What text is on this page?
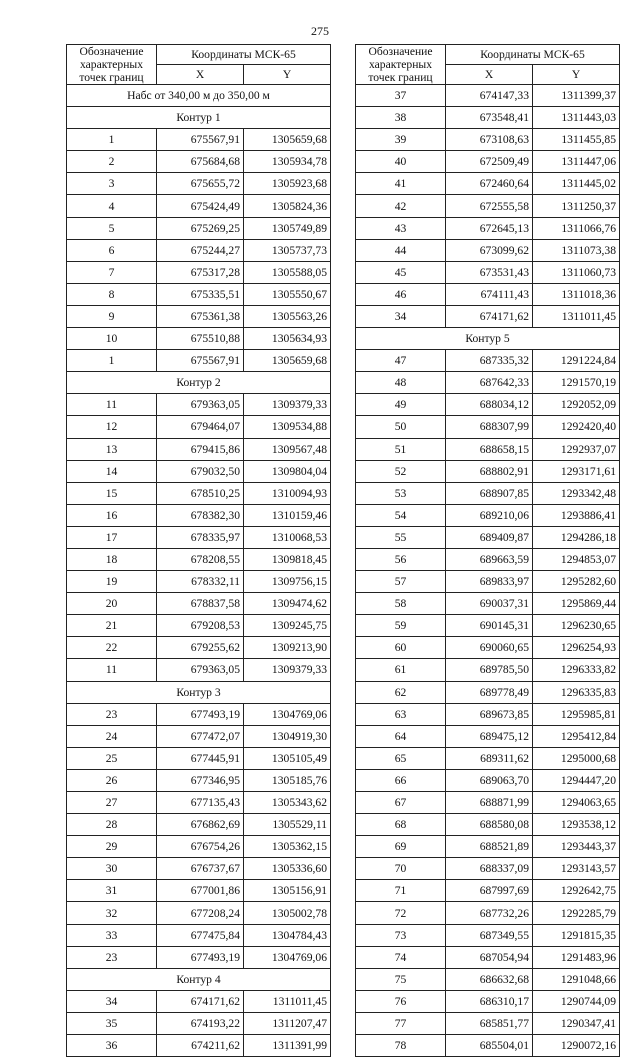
275
Обозначение характерных точек границ	Координаты МСК-65	
	X	Y
Нaбс от 340,00 м до 350,00 м		
Контур 1		
1	675567,91	1305659,68
2	675684,68	1305934,78
3	675655,72	1305923,68
4	675424,49	1305824,36
5	675269,25	1305749,89
6	675244,27	1305737,73
7	675317,28	1305588,05
8	675335,51	1305550,67
9	675361,38	1305563,26
10	675510,88	1305634,93
1	675567,91	1305659,68
Контур 2		
11	679363,05	1309379,33
12	679464,07	1309534,88
13	679415,86	1309567,48
14	679032,50	1309804,04
15	678510,25	1310094,93
16	678382,30	1310159,46
17	678335,97	1310068,53
18	678208,55	1309818,45
19	678332,11	1309756,15
20	678837,58	1309474,62
21	679208,53	1309245,75
22	679255,62	1309213,90
11	679363,05	1309379,33
Контур 3		
23	677493,19	1304769,06
24	677472,07	1304919,30
25	677445,91	1305105,49
26	677346,95	1305185,76
27	677135,43	1305343,62
28	676862,69	1305529,11
29	676754,26	1305362,15
30	676737,67	1305336,60
31	677001,86	1305156,91
32	677208,24	1305002,78
33	677475,84	1304784,43
23	677493,19	1304769,06
Контур 4		
34	674171,62	1311011,45
35	674193,22	1311207,47
36	674211,62	1311391,99
Обозначение характерных точек границ	Координаты МСК-65	
	X	Y
37	674147,33	1311399,37
38	673548,41	1311443,03
39	673108,63	1311455,85
40	672509,49	1311447,06
41	672460,64	1311445,02
42	672555,58	1311250,37
43	672645,13	1311066,76
44	673099,62	1311073,38
45	673531,43	1311060,73
46	674111,43	1311018,36
34	674171,62	1311011,45
Контур 5		
47	687335,32	1291224,84
48	687642,33	1291570,19
49	688034,12	1292052,09
50	688307,99	1292420,40
51	688658,15	1292937,07
52	688802,91	1293171,61
53	688907,85	1293342,48
54	689210,06	1293886,41
55	689409,87	1294286,18
56	689663,59	1294853,07
57	689833,97	1295282,60
58	690037,31	1295869,44
59	690145,31	1296230,65
60	690060,65	1296254,93
61	689785,50	1296333,82
62	689778,49	1296335,83
63	689673,85	1295985,81
64	689475,12	1295412,84
65	689311,62	1295000,68
66	689063,70	1294447,20
67	688871,99	1294063,65
68	688580,08	1293538,12
69	688521,89	1293443,37
70	688337,09	1293143,57
71	687997,69	1292642,75
72	687732,26	1292285,79
73	687349,55	1291815,35
74	687054,94	1291483,96
75	686632,68	1291048,66
76	686310,17	1290744,09
77	685851,77	1290347,41
78	685504,01	1290072,16
